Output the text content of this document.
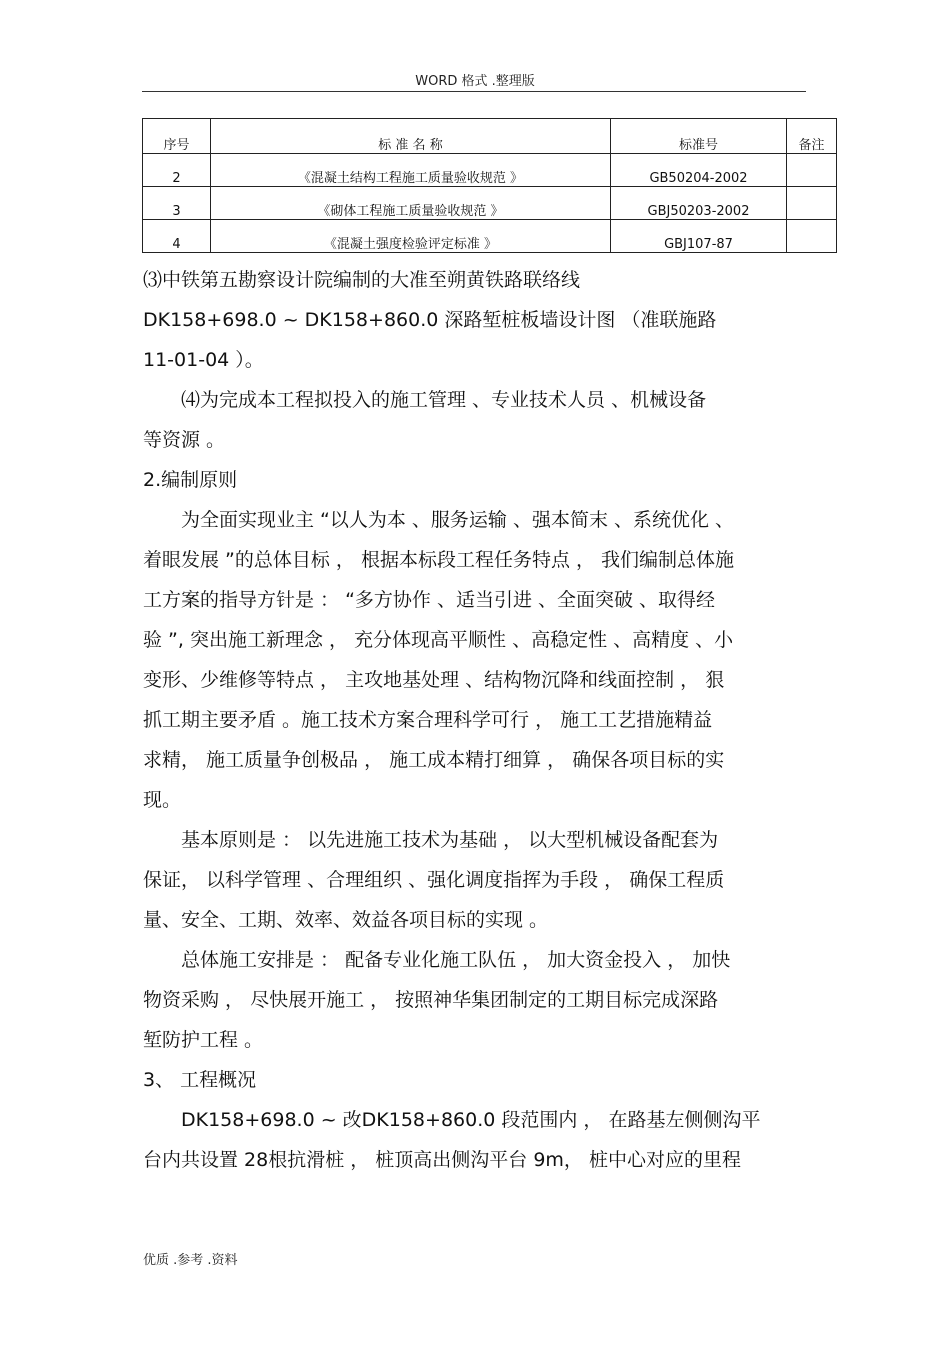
WORD 格式 .整理版
序号	标 准 名 称	标准号	备注
2	《混凝土结构工程施工质量验收规范 》	GB50204-2002	
3	《砌体工程施工质量验收规范 》	GBJ50203-2002	
4	《混凝土强度检验评定标准 》	GBJ107-87	
⑶中铁第五勘察设计院编制的大准至朔黄铁路联络线
DK158+698.0 ~ DK158+860.0 深路堑桩板墙设计图 （准联施路
11-01-04 ）。
　　⑷为完成本工程拟投入的施工管理 、专业技术人员 、机械设备
等资源 。
2.编制原则
　　为全面实现业主 “以人为本 、服务运输 、强本简末 、系统优化 、
着眼发展 ”的总体目标 ， 根据本标段工程任务特点 ， 我们编制总体施
工方案的指导方针是 ： “多方协作 、适当引进 、全面突破 、取得经
验 ”, 突出施工新理念 ， 充分体现高平顺性 、高稳定性 、高精度 、小
变形、少维修等特点 ， 主攻地基处理 、结构物沉降和线面控制 ， 狠
抓工期主要矛盾 。施工技术方案合理科学可行 ， 施工工艺措施精益
求精， 施工质量争创极品 ， 施工成本精打细算 ， 确保各项目标的实
现。
　　基本原则是 ： 以先进施工技术为基础 ， 以大型机械设备配套为
保证， 以科学管理 、合理组织 、强化调度指挥为手段 ， 确保工程质
量、安全、工期、效率、效益各项目标的实现 。
　　总体施工安排是 ： 配备专业化施工队伍 ， 加大资金投入 ， 加快
物资采购 ， 尽快展开施工 ， 按照神华集团制定的工期目标完成深路
堑防护工程 。
3、 工程概况
　　DK158+698.0 ~ 改DK158+860.0 段范围内 ， 在路基左侧侧沟平
台内共设置 28根抗滑桩 ， 桩顶高出侧沟平台 9m， 桩中心对应的里程
优质 .参考 .资料
